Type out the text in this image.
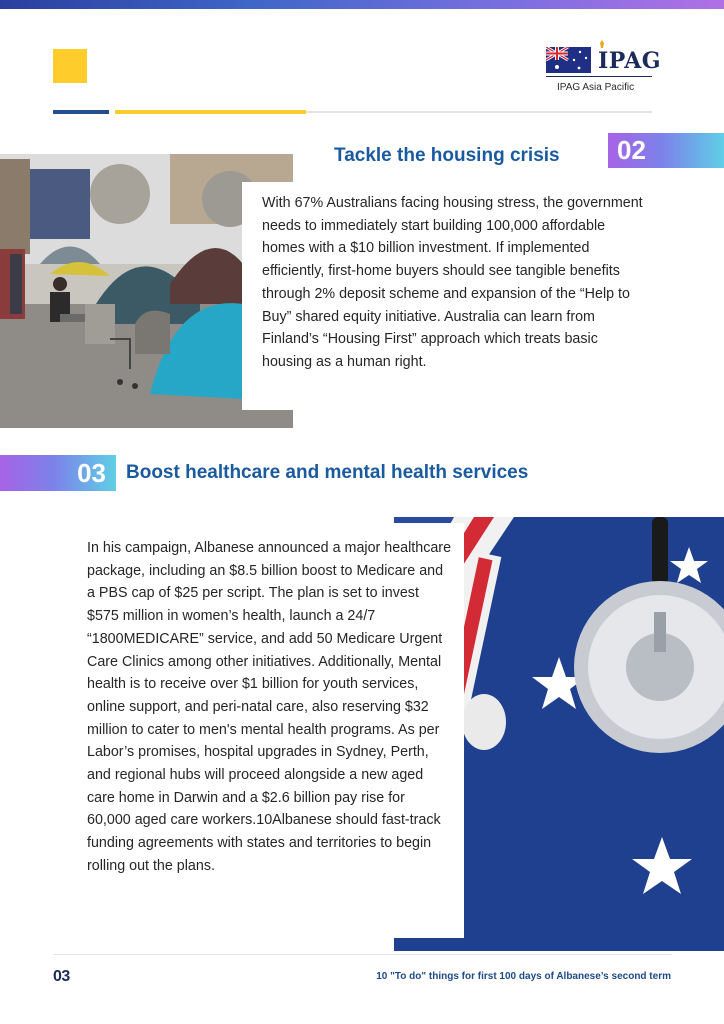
IPAG
IPAG Asia Pacific

With 67% Australians facing housing stress, the government needs to immediately start building 100,000 affordable homes with a $10 billion investment. If implemented efficiently, first-home buyers should see tangible benefits through 2% deposit scheme and expansion of the “Help to Buy” shared equity initiative. Australia can learn from Finland’s “Housing First” approach which treats basic housing as a human right.

Tackle the housing crisis	02
03	Boost healthcare and mental health services

In his campaign, Albanese announced a major healthcare package, including an $8.5 billion boost to Medicare and a PBS cap of $25 per script. The plan is set to invest $575 million in women’s health, launch a 24/7 “1800MEDICARE” service, and add 50 Medicare Urgent Care Clinics among other initiatives. Additionally, Mental health is to receive over $1 billion for youth services, online support, and peri-natal care, also reserving $32 million to cater to men's mental health programs. As per Labor’s promises, hospital upgrades in Sydney, Perth, and regional hubs will proceed alongside a new aged care home in Darwin and a $2.6 billion pay rise for 60,000 aged care workers.10Albanese should fast-track funding agreements with states and territories to begin rolling out the plans.

03	10 "To do" things for first 100 days of Albanese’s second term
